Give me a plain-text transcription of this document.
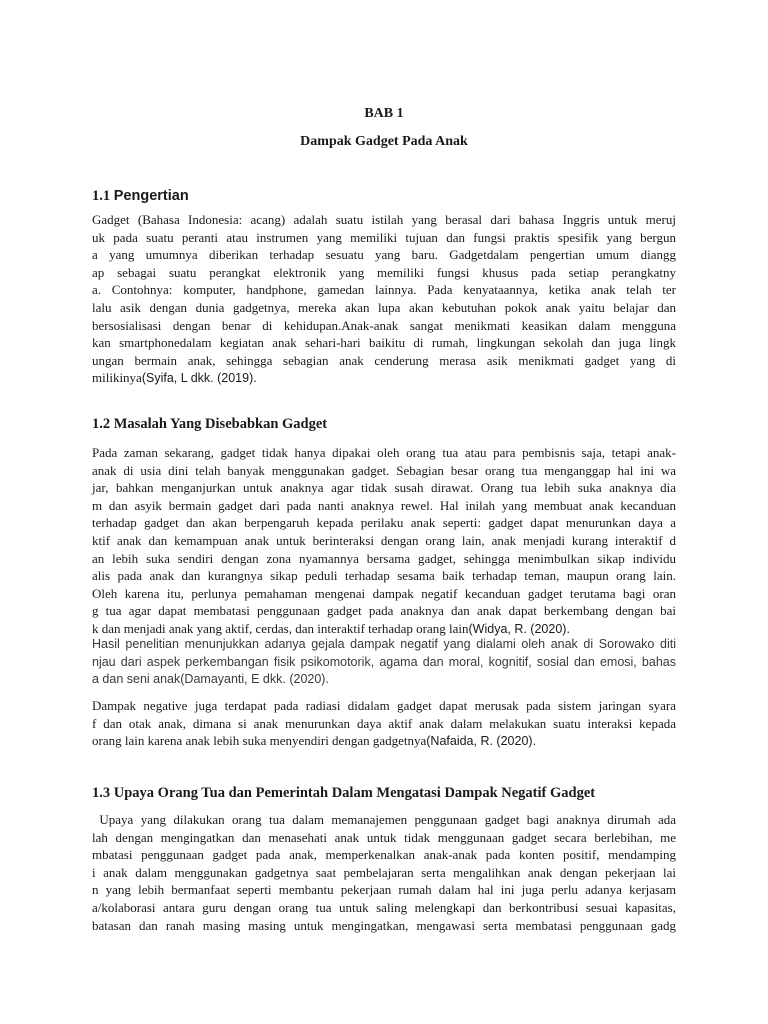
BAB 1
Dampak Gadget Pada Anak
1.1 Pengertian
Gadget (Bahasa Indonesia: acang) adalah suatu istilah yang berasal dari bahasa Inggris untuk meruj
uk pada suatu peranti atau instrumen yang memiliki tujuan dan fungsi praktis spesifik yang bergun
a yang umumnya diberikan terhadap sesuatu yang baru. Gadgetdalam pengertian umum diangg
ap sebagai suatu perangkat elektronik yang memiliki fungsi khusus pada setiap perangkatny
a. Contohnya: komputer, handphone, gamedan lainnya. Pada kenyataannya, ketika anak telah ter
lalu asik dengan dunia gadgetnya, mereka akan lupa akan kebutuhan pokok anak yaitu belajar dan
bersosialisasi dengan benar di kehidupan.Anak-anak sangat menikmati keasikan dalam mengguna
kan smartphonedalam kegiatan anak sehari-hari baikitu di rumah, lingkungan sekolah dan juga lingk
ungan bermain anak, sehingga sebagian anak cenderung merasa asik menikmati gadget yang di
milikinya(Syifa, L dkk. (2019).
1.2 Masalah Yang Disebabkan Gadget
Pada zaman sekarang, gadget tidak hanya dipakai oleh orang tua atau para pembisnis saja, tetapi anak-
anak di usia dini telah banyak menggunakan gadget. Sebagian besar orang tua menganggap hal ini wa
jar, bahkan menganjurkan untuk anaknya agar tidak susah dirawat. Orang tua lebih suka anaknya dia
m dan asyik bermain gadget dari pada nanti anaknya rewel. Hal inilah yang membuat anak kecanduan
terhadap gadget dan akan berpengaruh kepada perilaku anak seperti: gadget dapat menurunkan daya a
ktif anak dan kemampuan anak untuk berinteraksi dengan orang lain, anak menjadi kurang interaktif d
an lebih suka sendiri dengan zona nyamannya bersama gadget, sehingga menimbulkan sikap individu
alis pada anak dan kurangnya sikap peduli terhadap sesama baik terhadap teman, maupun orang lain.
Oleh karena itu, perlunya pemahaman mengenai dampak negatif kecanduan gadget terutama bagi oran
g tua agar dapat membatasi penggunaan gadget pada anaknya dan anak dapat berkembang dengan bai
k dan menjadi anak yang aktif, cerdas, dan interaktif terhadap orang lain(Widya, R. (2020).
Hasil penelitian menunjukkan adanya gejala dampak negatif yang dialami oleh anak di Sorowako diti
njau dari aspek perkembangan fisik psikomotorik, agama dan moral, kognitif, sosial dan emosi, bahas
a dan seni anak(Damayanti, E dkk. (2020).
Dampak negative juga terdapat pada radiasi didalam gadget dapat merusak pada sistem jaringan syara
f dan otak anak, dimana si anak menurunkan daya aktif anak dalam melakukan suatu interaksi kepada
orang lain karena anak lebih suka menyendiri dengan gadgetnya(Nafaida, R. (2020).
1.3 Upaya Orang Tua dan Pemerintah Dalam Mengatasi Dampak Negatif Gadget
Upaya yang dilakukan orang tua dalam memanajemen penggunaan gadget bagi anaknya dirumah ada
lah dengan mengingatkan dan menasehati anak untuk tidak menggunaan gadget secara berlebihan, me
mbatasi penggunaan gadget pada anak, memperkenalkan anak-anak pada konten positif, mendamping
i anak dalam menggunakan gadgetnya saat pembelajaran serta mengalihkan anak dengan pekerjaan lai
n yang lebih bermanfaat seperti membantu pekerjaan rumah dalam hal ini juga perlu adanya kerjasam
a/kolaborasi antara guru dengan orang tua untuk saling melengkapi dan berkontribusi sesuai kapasitas,
batasan dan ranah masing masing untuk mengingatkan, mengawasi serta membatasi penggunaan gadg
